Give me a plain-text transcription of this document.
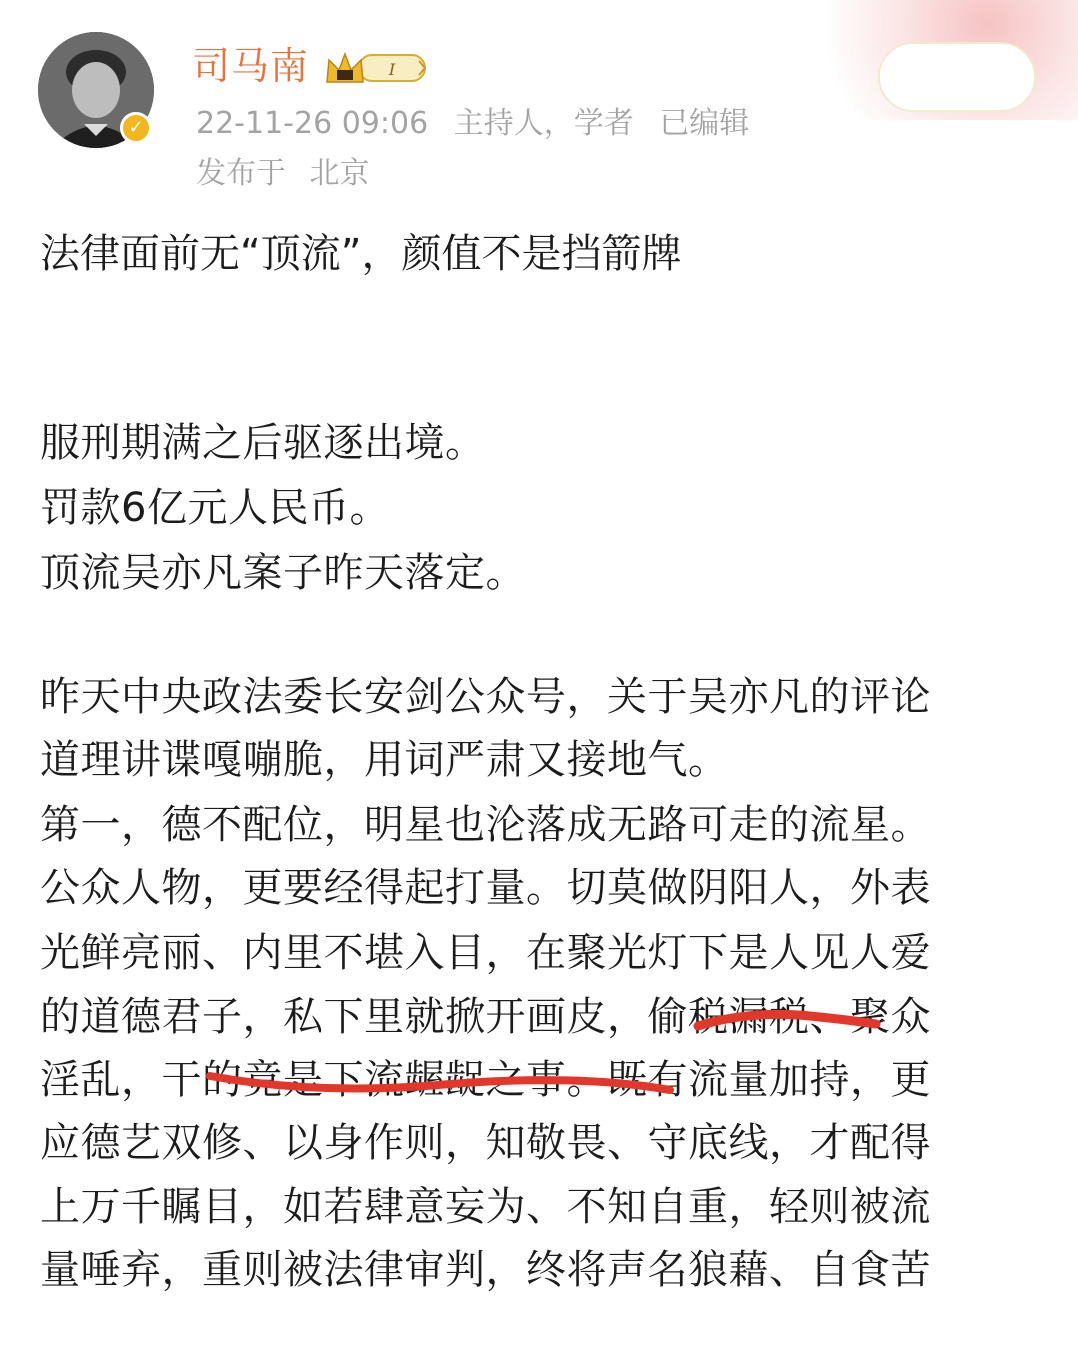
✓
司马南	I
22-11-26 09:06 主持人，学者 已编辑
发布于 北京
法律面前无“顶流”，颜值不是挡箭牌
服刑期满之后驱逐出境。
罚款6亿元人民币。
顶流吴亦凡案子昨天落定。
昨天中央政法委长安剑公众号，关于吴亦凡的评论
道理讲谍嘎嘣脆，用词严肃又接地气。
第一，德不配位，明星也沦落成无路可走的流星。
公众人物，更要经得起打量。切莫做阴阳人，外表
光鲜亮丽、内里不堪入目，在聚光灯下是人见人爱
的道德君子，私下里就掀开画皮，偷税漏税、聚众
淫乱，干的竟是下流龌龊之事。既有流量加持，更
应德艺双修、以身作则，知敬畏、守底线，才配得
上万千瞩目，如若肆意妄为、不知自重，轻则被流
量唾弃，重则被法律审判，终将声名狼藉、自食苦
